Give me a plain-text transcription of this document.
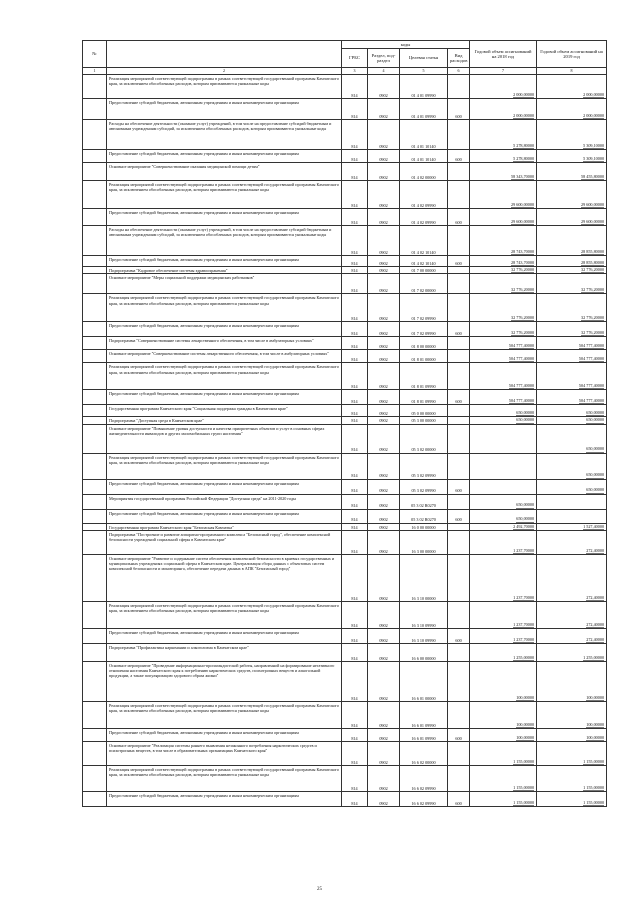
№		коды				Годовой объем ассигнований на 2018 год	Годовой объем ассигнований на 2019 год
		ГРБС	Раздел, под-раздел	Целевая статья	Вид расходов		
1	2	3	4	5	6	7	8
	Реализация мероприятий соответствующей подпрограммы в рамках соответствующей государственной программы Камчатского края, за исключением обособленных расходов, которым присваиваются уникальные коды	814	0902	01 4 01 09990		2 000,00000	2 000,00000
	Предоставление субсидий бюджетным, автономным учреждениям и иным некоммерческим организациям	814	0902	01 4 01 09990	600	2 000,00000	2 000,00000
	Расходы на обеспечение деятельности (оказание услуг) учреждений, в том числе на предоставление субсидий бюджетным и автономным учреждениям субсидий, за исключением обособленных расходов, которым присваиваются уникальные коды	814	0902	01 4 01 10140		5 278,80000	5 309,10000
	Предоставление субсидий бюджетным, автономным учреждениям и иным некоммерческим организациям	814	0902	01 4 01 10140	600	5 278,80000	5 309,10000
	Основное мероприятие "Совершенствование оказания медицинской помощи детям"	814	0902	01 4 02 00000		58 343,70000	58 455,80000
	Реализация мероприятий соответствующей подпрограммы в рамках соответствующей государственной программы Камчатского края, за исключением обособленных расходов, которым присваиваются уникальные коды	814	0902	01 4 02 09990		29 600,00000	29 600,00000
	Предоставление субсидий бюджетным, автономным учреждениям и иным некоммерческим организациям	814	0902	01 4 02 09990	600	29 600,00000	29 600,00000
	Расходы на обеспечение деятельности (оказание услуг) учреждений, в том числе на предоставление субсидий бюджетным и автономным учреждениям субсидий, за исключением обособленных расходов, которым присваиваются уникальные коды	814	0902	01 4 02 10140		28 743,70000	28 855,80000
	Предоставление субсидий бюджетным, автономным учреждениям и иным некоммерческим организациям	814	0902	01 4 02 10140	600	28 743,70000	28 855,80000
	Подпрограмма "Кадровое обеспечение системы здравоохранения"	814	0902	01 7 00 00000		32 776,20000	32 776,20000
	Основное мероприятие "Меры социальной поддержки медицинских работников"	814	0902	01 7 02 00000		32 776,20000	32 776,20000
	Реализация мероприятий соответствующей подпрограммы в рамках соответствующей государственной программы Камчатского края, за исключением обособленных расходов, которым присваиваются уникальные коды	814	0902	01 7 02 09990		32 776,20000	32 776,20000
	Предоставление субсидий бюджетным, автономным учреждениям и иным некоммерческим организациям	814	0902	01 7 02 09990	600	32 776,20000	32 776,20000
	Подпрограмма "Совершенствование системы лекарственного обеспечения, в том числе в амбулаторных условиях"	814	0902	01 8 00 00000		504 777,40000	504 777,40000
	Основное мероприятие "Совершенствование системы лекарственного обеспечения, в том числе в амбулаторных условиях"	814	0902	01 8 01 00000		504 777,40000	504 777,40000
	Реализация мероприятий соответствующей подпрограммы в рамках соответствующей государственной программы Камчатского края, за исключением обособленных расходов, которым присваиваются уникальные коды	814	0902	01 8 01 09990		504 777,40000	504 777,40000
	Предоставление субсидий бюджетным, автономным учреждениям и иным некоммерческим организациям	814	0902	01 8 01 09990	600	504 777,40000	504 777,40000
	Государственная программа Камчатского края "Социальная поддержка граждан в Камчатском крае"	814	0902	05 0 00 00000		650,00000	650,00000
	Подпрограмма "Доступная среда в Камчатском крае"	814	0902	05 3 00 00000		650,00000	650,00000
	Основное мероприятие "Повышение уровня доступности и качества приоритетных объектов и услуг в основных сферах жизнедеятельности инвалидов и других маломобильных групп населения"	814	0902	05 3 02 00000			650,00000
	Реализация мероприятий соответствующей подпрограммы в рамках соответствующей государственной программы Камчатского края, за исключением обособленных расходов, которым присваиваются уникальные коды	814	0902	05 3 02 09990			650,00000
	Предоставление субсидий бюджетным, автономным учреждениям и иным некоммерческим организациям	814	0902	05 3 02 09990	600		650,00000
	Мероприятия государственной программы Российской Федерации "Доступная среда" на 2011-2020 годы	814	0902	05 3 02 R0270		650,00000	
	Предоставление субсидий бюджетным, автономным учреждениям и иным некоммерческим организациям	814	0902	05 3 02 R0270	600	650,00000	
	Государственная программа Камчатского края "Безопасная Камчатка"	814	0902	16 0 00 00000		2 492,70000	1 527,40000
	Подпрограмма "Построение и развитие аппаратно-программного комплекса "Безопасный город", обеспечение комплексной безопасности учреждений социальной сферы в Камчатском крае"	814	0902	16 3 00 00000		1 237,70000	272,40000
	Основное мероприятие "Развитие и содержание систем обеспечения комплексной безопасности в краевых государственных и муниципальных учреждениях социальной сферы в Камчатском крае. Централизация сбора данных с объектовых систем комплексной безопасности и мониторинга, обеспечение передачи данных в АПК "Безопасный город"	814	0902	16 3 10 00000		1 237,70000	272,40000
	Реализация мероприятий соответствующей подпрограммы в рамках соответствующей государственной программы Камчатского края, за исключением обособленных расходов, которым присваиваются уникальные коды	814	0902	16 3 10 09990		1 237,70000	272,40000
	Предоставление субсидий бюджетным, автономным учреждениям и иным некоммерческим организациям	814	0902	16 3 10 09990	600	1 237,70000	272,40000
	Подпрограмма "Профилактика наркомании и алкоголизма в Камчатском крае"	814	0902	16 6 00 00000		1 255,00000	1 255,00000
	Основное мероприятие "Проведение информационно-пропагандистской работы, направленной на формирование негативного отношения населения Камчатского края к потреблению наркотических средств, психотропных веществ и алкогольной продукции, а также популяризацию здорового образа жизни"	814	0902	16 6 01 00000		100,00000	100,00000
	Реализация мероприятий соответствующей подпрограммы в рамках соответствующей государственной программы Камчатского края, за исключением обособленных расходов, которым присваиваются уникальные коды	814	0902	16 6 01 09990		100,00000	100,00000
	Предоставление субсидий бюджетным, автономным учреждениям и иным некоммерческим организациям	814	0902	16 6 01 09990	600	100,00000	100,00000
	Основное мероприятие "Реализация системы раннего выявления незаконного потребления наркотических средств и психотропных веществ, в том числе в образовательных организациях Камчатского края"	814	0902	16 6 02 00000		1 155,00000	1 155,00000
	Реализация мероприятий соответствующей подпрограммы в рамках соответствующей государственной программы Камчатского края, за исключением обособленных расходов, которым присваиваются уникальные коды	814	0902	16 6 02 09990		1 155,00000	1 155,00000
	Предоставление субсидий бюджетным, автономным учреждениям и иным некоммерческим организациям	814	0902	16 6 02 09990	600	1 155,00000	1 155,00000
25
